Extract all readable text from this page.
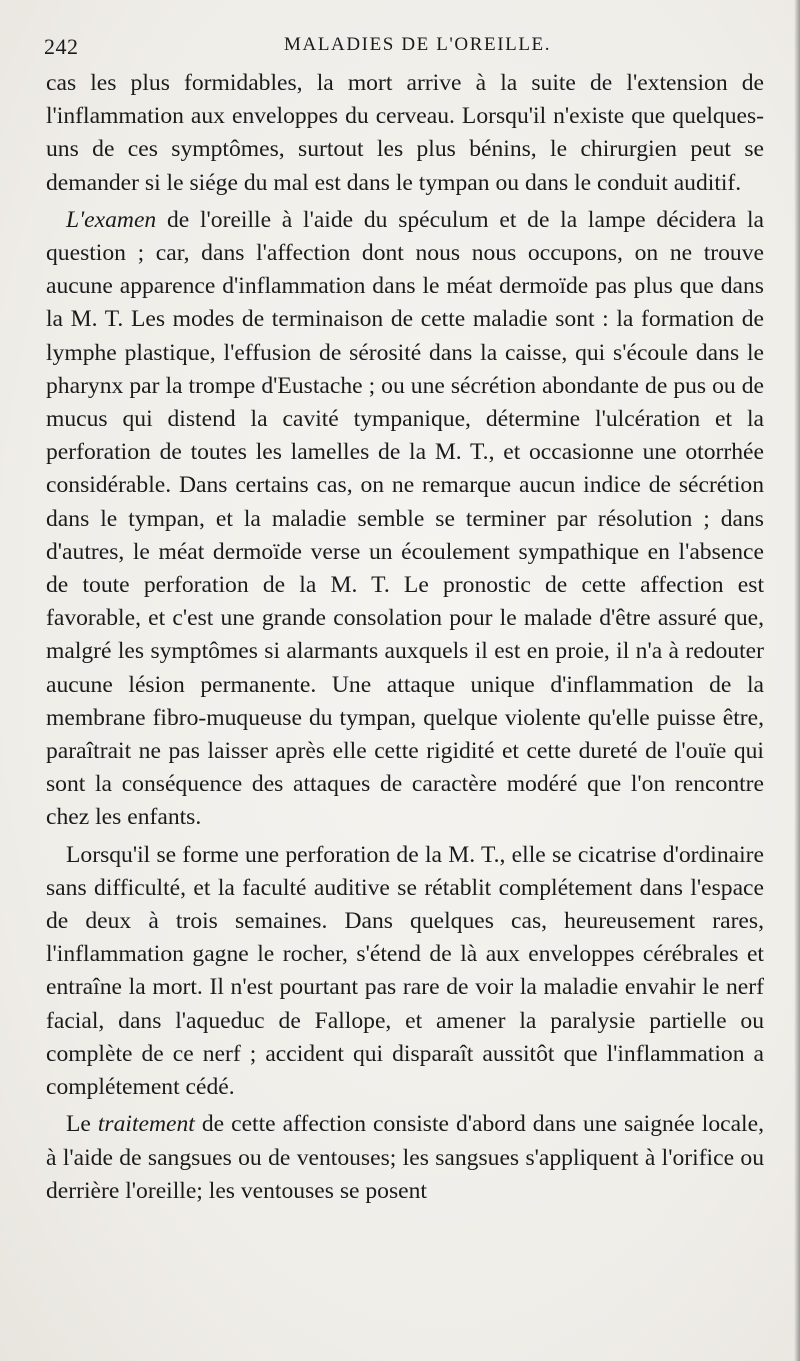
242	MALADIES DE L'OREILLE.

cas les plus formidables, la mort arrive à la suite de l'extension de l'inflammation aux enveloppes du cerveau. Lorsqu'il n'existe que quelques-uns de ces symptômes, surtout les plus bénins, le chirurgien peut se demander si le siége du mal est dans le tympan ou dans le conduit auditif.

L'examen de l'oreille à l'aide du spéculum et de la lampe décidera la question ; car, dans l'affection dont nous nous occupons, on ne trouve aucune apparence d'inflammation dans le méat dermoïde pas plus que dans la M. T. Les modes de terminaison de cette maladie sont : la formation de lymphe plastique, l'effusion de sérosité dans la caisse, qui s'écoule dans le pharynx par la trompe d'Eustache ; ou une sécrétion abondante de pus ou de mucus qui distend la cavité tympanique, détermine l'ulcération et la perforation de toutes les lamelles de la M. T., et occasionne une otorrhée considérable. Dans certains cas, on ne remarque aucun indice de sécrétion dans le tympan, et la maladie semble se terminer par résolution ; dans d'autres, le méat dermoïde verse un écoulement sympathique en l'absence de toute perforation de la M. T. Le pronostic de cette affection est favorable, et c'est une grande consolation pour le malade d'être assuré que, malgré les symptômes si alarmants auxquels il est en proie, il n'a à redouter aucune lésion permanente. Une attaque unique d'inflammation de la membrane fibro-muqueuse du tympan, quelque violente qu'elle puisse être, paraîtrait ne pas laisser après elle cette rigidité et cette dureté de l'ouïe qui sont la conséquence des attaques de caractère modéré que l'on rencontre chez les enfants.

Lorsqu'il se forme une perforation de la M. T., elle se cicatrise d'ordinaire sans difficulté, et la faculté auditive se rétablit complétement dans l'espace de deux à trois semaines. Dans quelques cas, heureusement rares, l'inflammation gagne le rocher, s'étend de là aux enveloppes cérébrales et entraîne la mort. Il n'est pourtant pas rare de voir la maladie envahir le nerf facial, dans l'aqueduc de Fallope, et amener la paralysie partielle ou complète de ce nerf ; accident qui disparaît aussitôt que l'inflammation a complétement cédé.

Le traitement de cette affection consiste d'abord dans une saignée locale, à l'aide de sangsues ou de ventouses; les sangsues s'appliquent à l'orifice ou derrière l'oreille; les ventouses se posent
